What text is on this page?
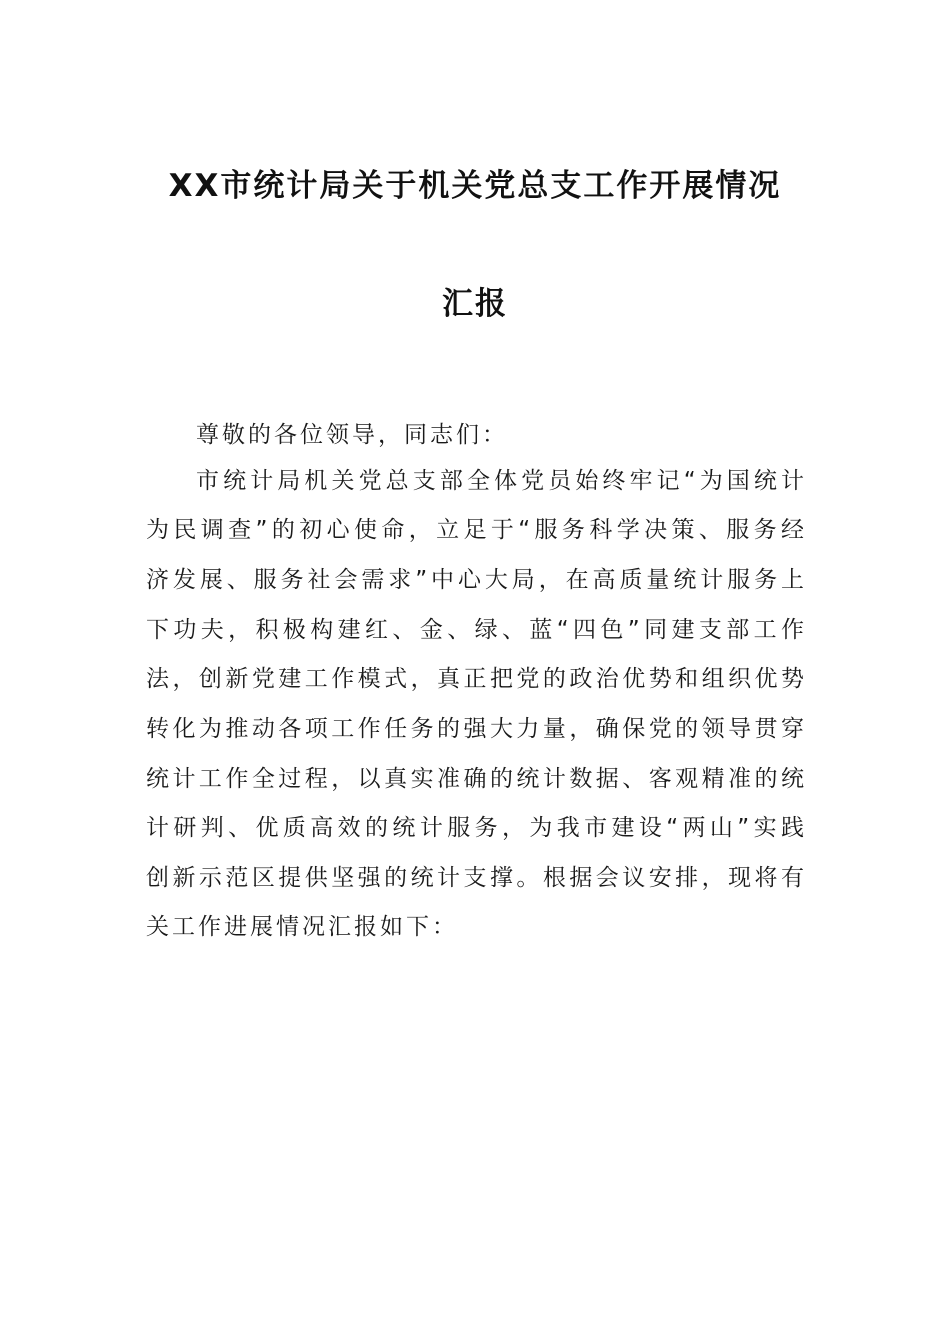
XX市统计局关于机关党总支工作开展情况
汇报
尊敬的各位领导，同志们：
市统计局机关党总支部全体党员始终牢记“为国统计
为民调查”的初心使命，立足于“服务科学决策、服务经
济发展、服务社会需求”中心大局，在高质量统计服务上
下功夫，积极构建红、金、绿、蓝“四色”同建支部工作
法，创新党建工作模式，真正把党的政治优势和组织优势
转化为推动各项工作任务的强大力量，确保党的领导贯穿
统计工作全过程，以真实准确的统计数据、客观精准的统
计研判、优质高效的统计服务，为我市建设“两山”实践
创新示范区提供坚强的统计支撑。根据会议安排，现将有
关工作进展情况汇报如下：
